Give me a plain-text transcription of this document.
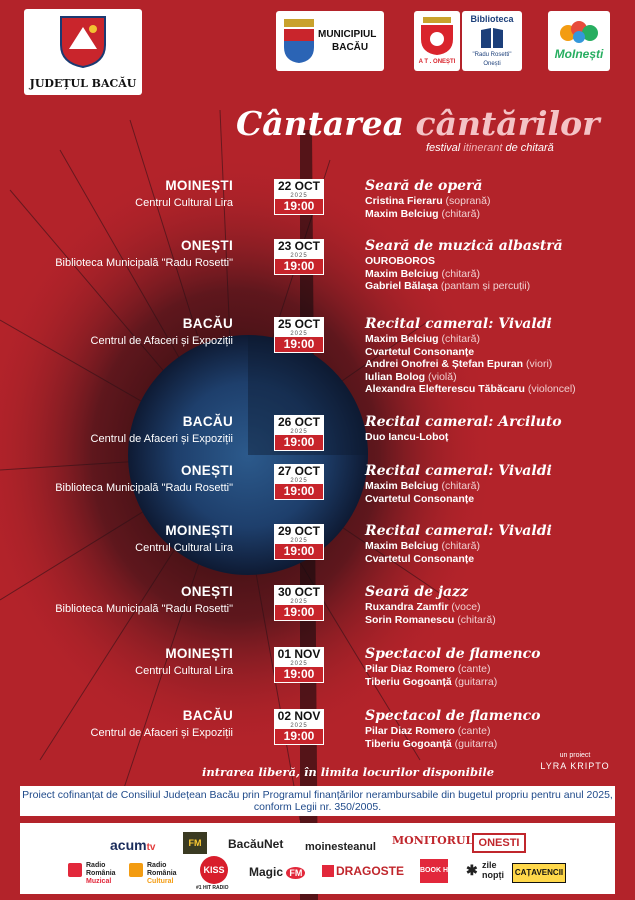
JUDEȚUL BACĂU
MUNICIPIUL
BACĂU
A T . ONEȘTI
Biblioteca
"Radu Rosetti"
Onești
MoInești
Cântarea cântărilor
festival itinerant de chitară
MOINEȘTI
Centrul Cultural Lira
22 OCT
2025
19:00
Seară de operă
Cristina Fieraru (soprană)
Maxim Belciug (chitară)
ONEȘTI
Biblioteca Municipală "Radu Rosetti"
23 OCT
2025
19:00
Seară de muzică albastră
OUROBOROS
Maxim Belciug (chitară)
Gabriel Bălașa (pantam și percuții)
BACĂU
Centrul de Afaceri și Expoziții
25 OCT
2025
19:00
Recital cameral: Vivaldi
Maxim Belciug (chitară)
Cvartetul Consonanțe
Andrei Onofrei & Ștefan Epuran (viori)
Iulian Bolog (violă)
Alexandra Elefterescu Tăbăcaru (violoncel)
BACĂU
Centrul de Afaceri și Expoziții
26 OCT
2025
19:00
Recital cameral: Arciluto
Duo Iancu-Loboț
ONEȘTI
Biblioteca Municipală "Radu Rosetti"
27 OCT
2025
19:00
Recital cameral: Vivaldi
Maxim Belciug (chitară)
Cvartetul Consonanțe
MOINEȘTI
Centrul Cultural Lira
29 OCT
2025
19:00
Recital cameral: Vivaldi
Maxim Belciug (chitară)
Cvartetul Consonanțe
ONEȘTI
Biblioteca Municipală "Radu Rosetti"
30 OCT
2025
19:00
Seară de jazz
Ruxandra Zamfir (voce)
Sorin Romanescu (chitară)
MOINEȘTI
Centrul Cultural Lira
01 NOV
2025
19:00
Spectacol de flamenco
Pilar Diaz Romero (cante)
Tiberiu Gogoanță (guitarra)
BACĂU
Centrul de Afaceri și Expoziții
02 NOV
2025
19:00
Spectacol de flamenco
Pilar Diaz Romero (cante)
Tiberiu Gogoanță (guitarra)
intrarea liberă, în limita locurilor disponibile
un proiect
LYRA KRIPTO
Proiect cofinanțat de Consiliul Județean Bacău prin Programul finanțărilor nerambursabile din bugetul propriu pentru anul 2025,
conform Legii nr. 350/2005.
acumtv	FM	BacăuNet moinesteanul MONITORUL ONESTI
Radio
România
Muzical
Radio
România
Cultural
KISS
#1 HIT RADIO
Magic FM	DRAGOSTE BOOK HUB ✱ zile
nopți	CAȚAVENCII
